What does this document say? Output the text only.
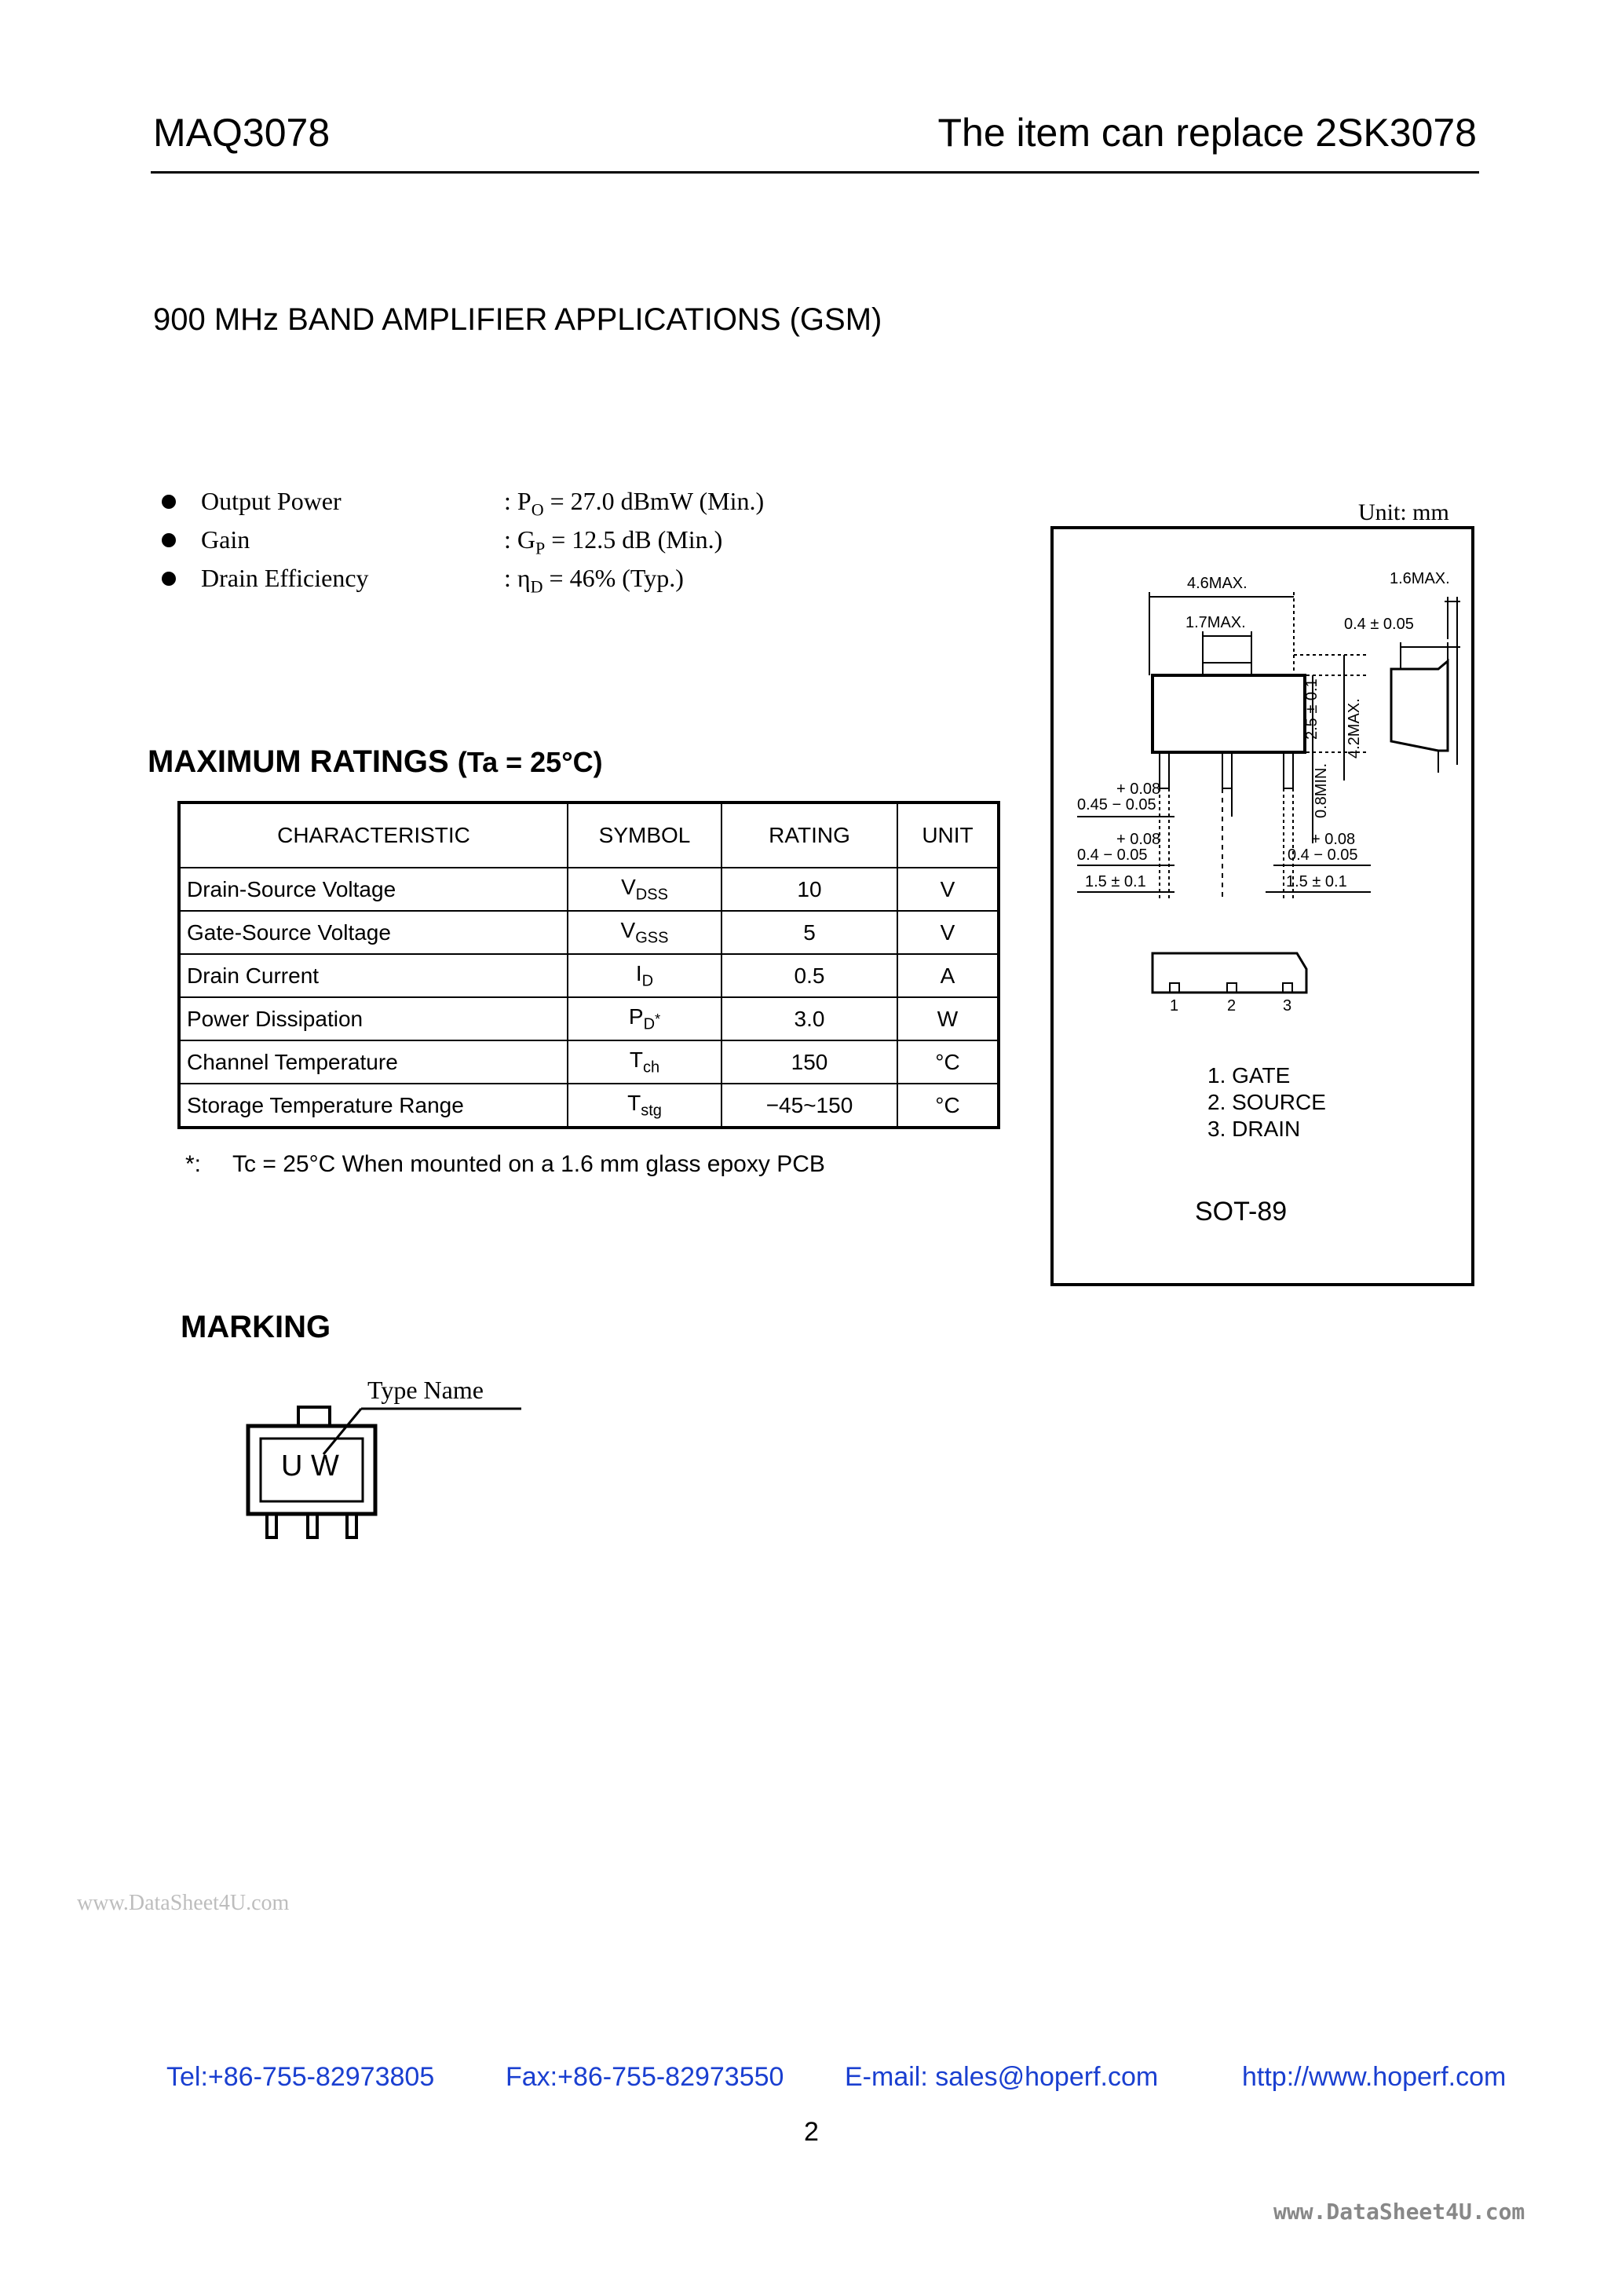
MAQ3078	The item can replace 2SK3078
900 MHz BAND AMPLIFIER APPLICATIONS (GSM)
Output Power	: $P_O = 27.0$ dBmW (Min.)
Gain	: $G_P = 12.5$ dB (Min.)
Drain Efficiency	: $\eta_D = 46\%$ (Typ.)
MAXIMUM RATINGS (Ta = 25°C)
CHARACTERISTIC	SYMBOL	RATING	UNIT
Drain-Source Voltage	$V_{DSS}$	10	V
Gate-Source Voltage	$V_{GSS}$	5	V
Drain Current	$I_D$	0.5	A
Power Dissipation	$P_D*$	3.0	W
Channel Temperature	$T_{ch}$	150	°C
Storage Temperature Range	$T_{stg}$	−45~150	°C
*: Tc = 25°C When mounted on a 1.6 mm glass epoxy PCB
Unit: mm
4.6MAX.	1.6MAX.
1.7MAX.	0.4 ± 0.05
2.5 ± 0.1 4.2MAX.
0.8MIN.
+ 0.08
0.45 − 0.05
+ 0.08
0.4 − 0.05
+ 0.08
0.4 − 0.05
1.5 ± 0.1	1.5 ± 0.1
1	2	3
1. GATE
2. SOURCE
3. DRAIN
SOT-89
MARKING
Type Name
U W
www.DataSheet4U.com
Tel:+86-755-82973805	Fax:+86-755-82973550 E-mail: sales@hoperf.com	http://www.hoperf.com
2
www.DataSheet4U.com
